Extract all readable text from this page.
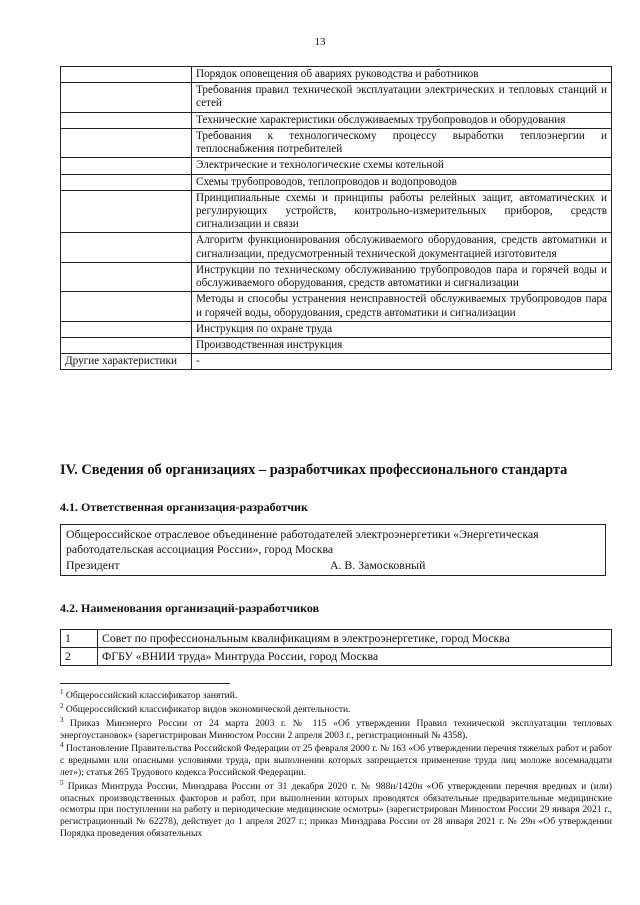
13
	Порядок оповещения об авариях руководства и работников
	Требования правил технической эксплуатации электрических и тепловых станций и сетей
	Технические характеристики обслуживаемых трубопроводов и оборудования
	Требования к технологическому процессу выработки теплоэнергии и теплоснабжения потребителей
	Электрические и технологические схемы котельной
	Схемы трубопроводов, теплопроводов и водопроводов
	Принципиальные схемы и принципы работы релейных защит, автоматических и регулирующих устройств, контрольно-измерительных приборов, средств сигнализации и связи
	Алгоритм функционирования обслуживаемого оборудования, средств автоматики и сигнализации, предусмотренный технической документацией изготовителя
	Инструкции по техническому обслуживанию трубопроводов пара и горячей воды и обслуживаемого оборудования, средств автоматики и сигнализации
	Методы и способы устранения неисправностей обслуживаемых трубопроводов пара и горячей воды, оборудования, средств автоматики и сигнализации
	Инструкция по охране труда
	Производственная инструкция
Другие характеристики	-
IV. Сведения об организациях – разработчиках профессионального стандарта
4.1. Ответственная организация-разработчик
Общероссийское отраслевое объединение работодателей электроэнергетики «Энергетическая работодательская ассоциация России», город Москва
Президент	А. В. Замосковный
4.2. Наименования организаций-разработчиков
1	Совет по профессиональным квалификациям в электроэнергетике, город Москва
2	ФГБУ «ВНИИ труда» Минтруда России, город Москва

$^1$ Общероссийский классификатор занятий.

$^2$ Общероссийский классификатор видов экономической деятельности.

$^3$ Приказ Минэнерго России от 24 марта 2003 г. № 115 «Об утверждении Правил технической эксплуатации тепловых энергоустановок» (зарегистрирован Минюстом России 2 апреля 2003 г., регистрационный № 4358).

$^4$ Постановление Правительства Российской Федерации от 25 февраля 2000 г. № 163 «Об утверждении перечня тяжелых работ и работ с вредными или опасными условиями труда, при выполнении которых запрещается применение труда лиц моложе восемнадцати лет»); статья 265 Трудового кодекса Российской Федерации.

$^5$ Приказ Минтруда России, Минздрава России от 31 декабря 2020 г. № 988н/1420н «Об утверждении перечня вредных и (или) опасных производственных факторов и работ, при выполнении которых проводятся обязательные предварительные медицинские осмотры при поступлении на работу и периодические медицинские осмотры» (зарегистрирован Минюстом России 29 января 2021 г., регистрационный № 62278), действует до 1 апреля 2027 г.; приказ Минздрава России от 28 января 2021 г. № 29н «Об утверждении Порядка проведения обязательных
